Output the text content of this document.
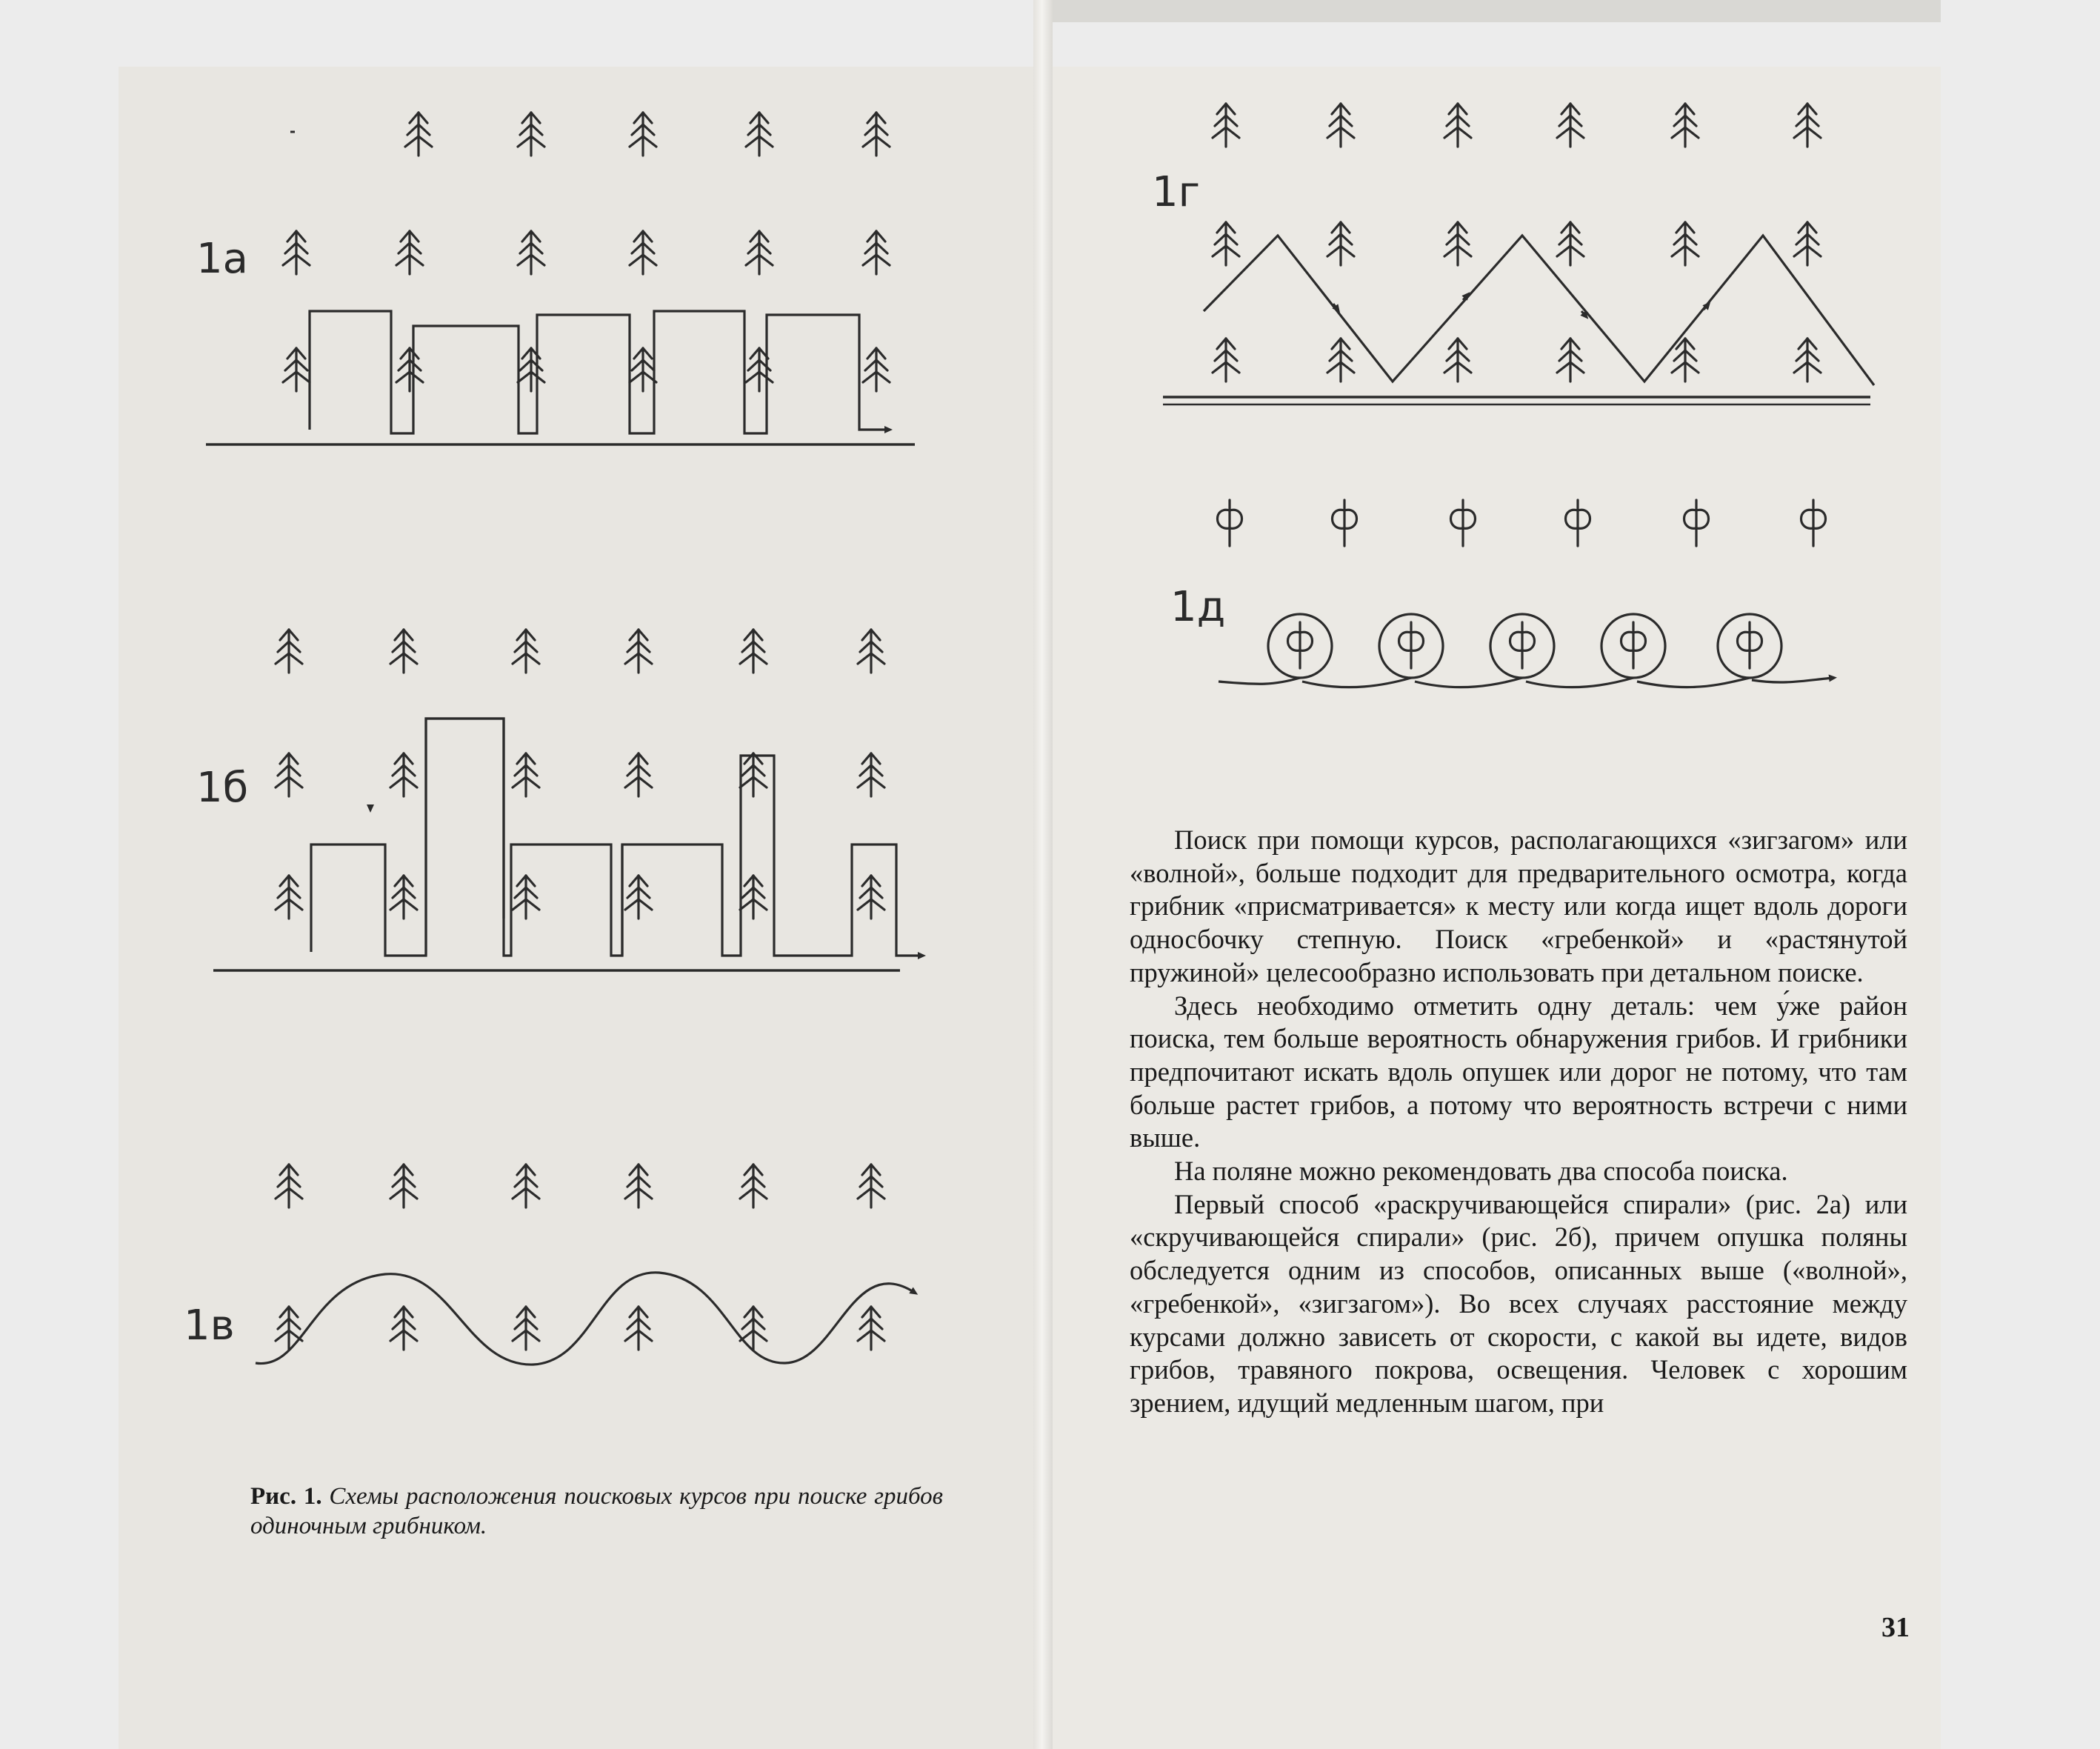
1а
1б
1в
1г
1д
Рис. 1. Схемы расположения поисковых курсов при поиске грибов одиночным грибником.

Поиск при помощи курсов, располагающихся «зигзагом» или «волной», больше подходит для предварительного осмотра, когда грибник «присматривается» к месту или когда ищет вдоль дороги односбочку степную. Поиск «гребенкой» и «растянутой пружиной» целесообразно использовать при детальном поиске.

Здесь необходимо отметить одну деталь: чем у́же район поиска, тем больше вероятность обнаружения грибов. И грибники предпочитают искать вдоль опушек или дорог не потому, что там больше растет грибов, а потому что вероятность встречи с ними выше.

На поляне можно рекомендовать два способа поиска.

Первый способ «раскручивающейся спирали» (рис. 2а) или «скручивающейся спирали» (рис. 2б), причем опушка поляны обследуется одним из способов, описанных выше («волной», «гребенкой», «зигзагом»). Во всех случаях расстояние между курсами должно зависеть от скорости, с какой вы идете, видов грибов, травяного покрова, освещения. Человек с хорошим зрением, идущий медленным шагом, при

31
